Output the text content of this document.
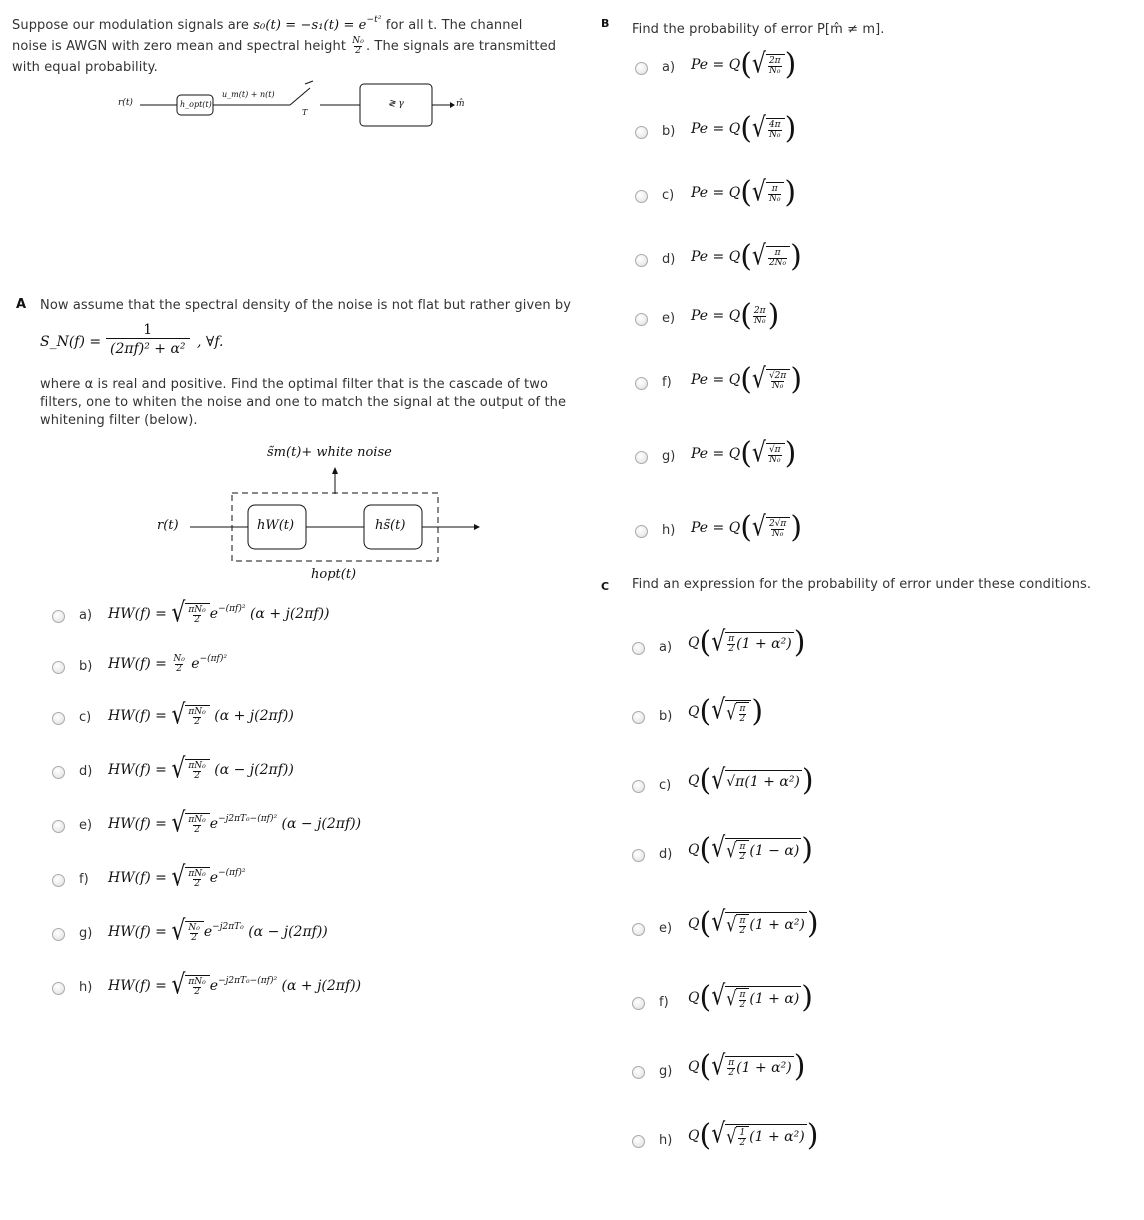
Suppose our modulation signals are $s_0(t) = -s_1(t) = e^{-t^2}$ for all t. The channel
noise is AWGN with zero mean and spectral height $\frac{\text{N₀}}{2}$ . The signals are transmitted
with equal probability.
r(t)	h_opt(t)
u_m(t) + n(t)
T
≷ γ	m̂
A Now assume that the spectral density of the noise is not flat but rather given by
S_N(f) =
1
(2πf)² + α² , ∀f.
where α is real and positive. Find the optimal filter that is the cascade of two
filters, one to whiten the noise and one to match the signal at the output of the
whitening filter (below).
s̃m(t)+ white noise
r(t)	hW(t)	hs̃(t)
hopt(t)
a) HW(f) = √ $\frac{\text{πN₀}}{2} e^{-(\pi f)^2}$ (α + j(2πf))
b) $HW(f) = \frac{\text{N₀}}{2} e^{-(\pi f)^2}$
c) HW(f) = √ $\frac{\text{πN₀}}{2} (\alpha + j(2\pi f))$
d) HW(f) = √ $\frac{\text{πN₀}}{2} (\alpha - j(2\pi f))$
e) HW(f) = √ $\frac{\text{πN₀}}{2} e^{-j2\pi T_0-(\pi f)^2}$ (α − j(2πf))
f) HW(f) = √ $\frac{\text{πN₀}}{2} e^{-(\pi f)^2}$
g) HW(f) = √ $\frac{\text{N₀}}{2} e^{-j2\pi T_0}$ (α − j(2πf))
h) HW(f) = √ $\frac{\text{πN₀}}{2} e^{-j2\pi T_0-(\pi f)^2}$ (α + j(2πf))
B Find the probability of error P[m̂ ≠ m].
a) Pe = Q( √ $\frac{2\pi}{\text{N₀}}$ )
b) Pe = Q( √ $\frac{4\pi}{\text{N₀}}$ )
c) Pe = Q( √ $\frac{\pi}{\text{N₀}}$ )
d) Pe = Q( √ $\frac{\pi}{\text{2N₀}}$ )
e) $Pe = Q( \frac{2\pi}{\text{N₀}}$ )
f) Pe = Q( √ $\frac{√2\pi}{\text{N₀}}$ )
g) Pe = Q( √ $\frac{√\pi}{\text{N₀}}$ )
h) Pe = Q( √ $\frac{2√\pi}{\text{N₀}}$ )
C Find an expression for the probability of error under these conditions.
a) Q( √ $\frac{\pi}{2} (1 + \alpha^2)$ )
b) Q( √ √ $\frac{\pi}{2}$ )
c) Q( √ √π (1 + α²) )
d) Q( √ √ $\frac{\pi}{2} (1 - \alpha)$ )
e) Q( √ √ $\frac{\pi}{2} (1 + \alpha^2)$ )
f) Q( √ √ $\frac{\pi}{2} (1 + \alpha)$ )
g) Q( √ $\frac{\pi}{2} (1 + \alpha^2)$ )
h) Q( √ √ $\frac{1}{2} (1 + \alpha^2)$ )
